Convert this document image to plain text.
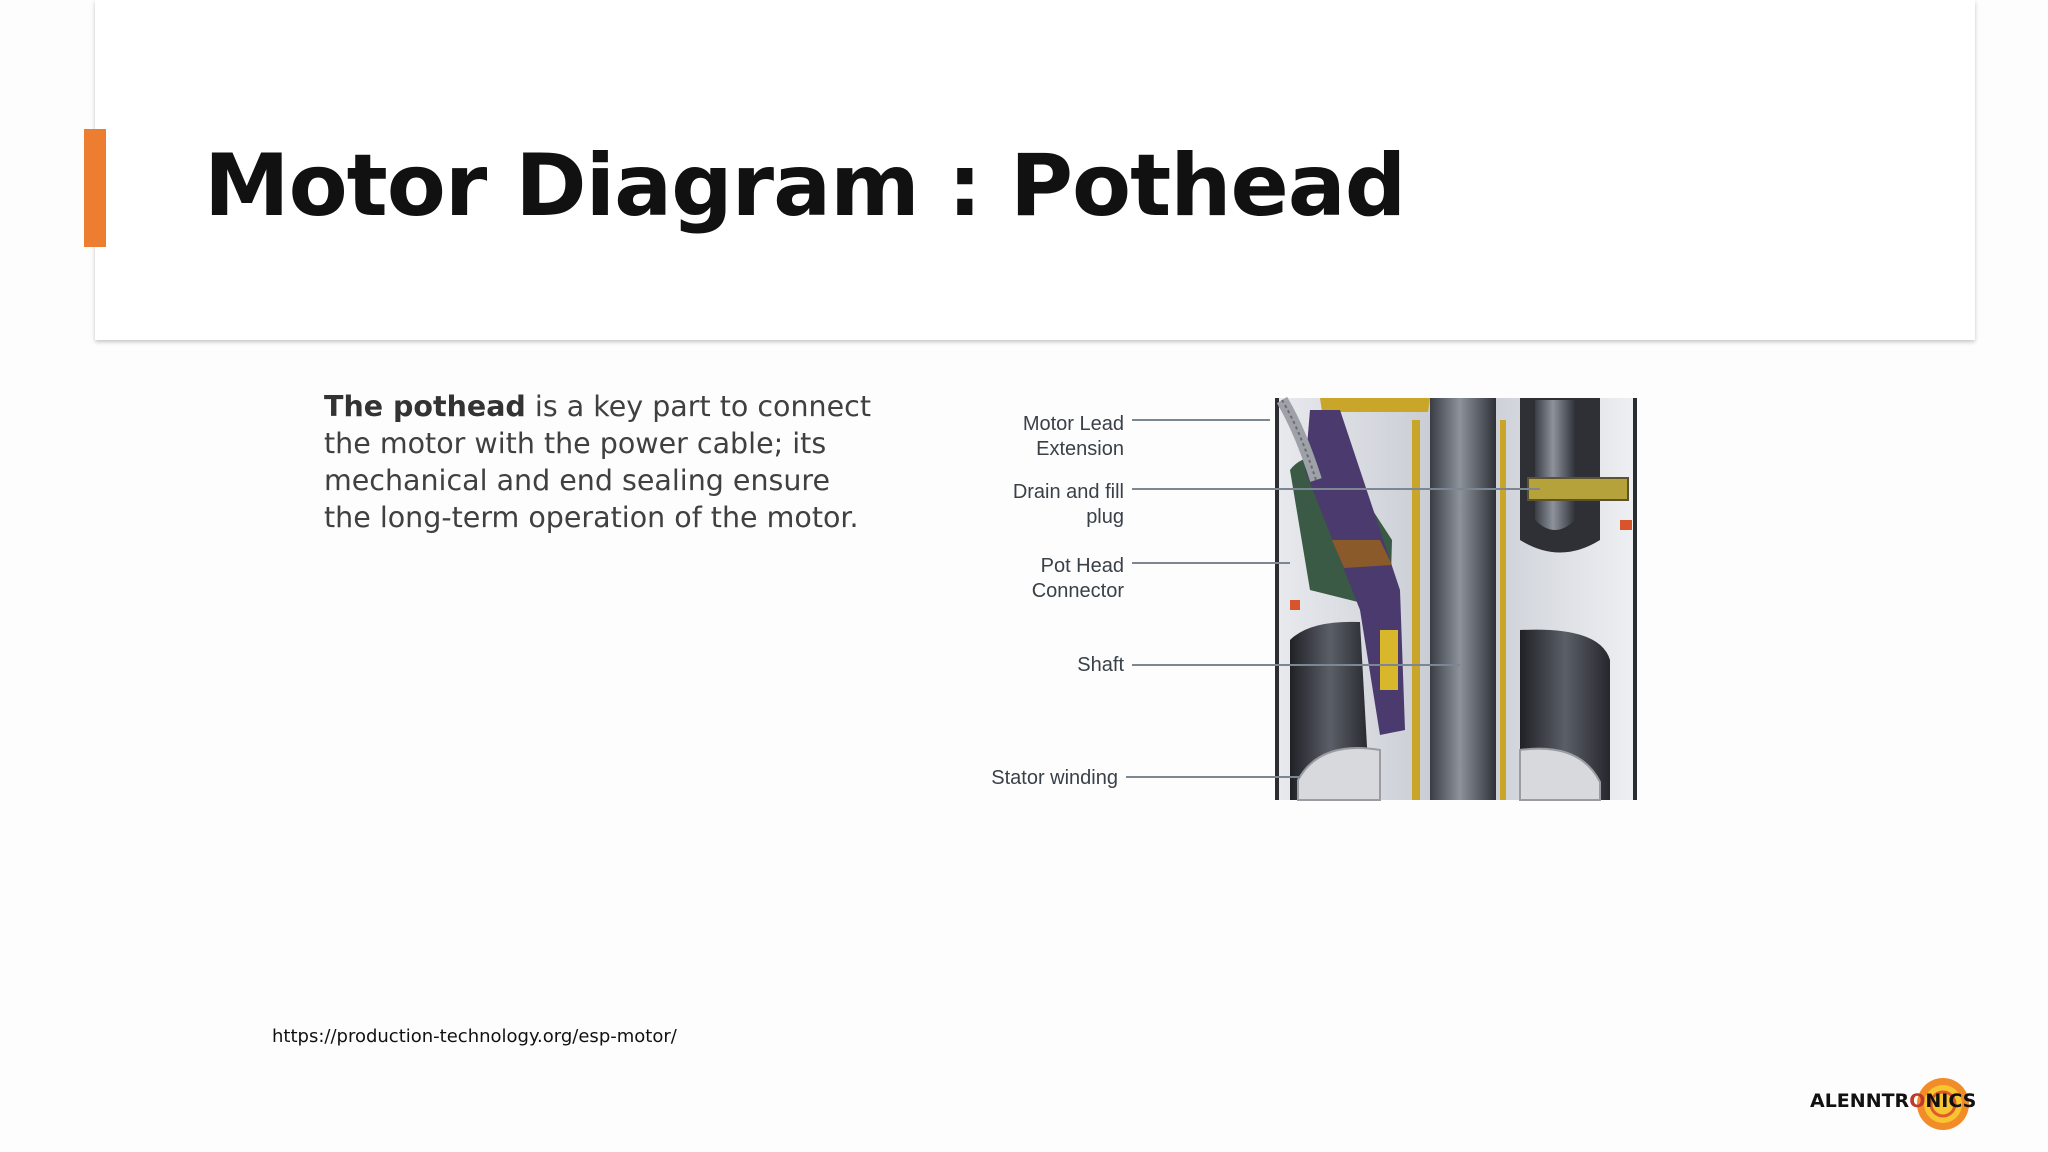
Motor Diagram : Pothead

The pothead is a key part to connect the motor with the power cable; its mechanical and end sealing ensure the long-term operation of the motor.

Motor Lead
Extension
Drain and fill
plug
Pot Head
Connector
Shaft
Stator winding

https://production-technology.org/esp-motor/

ALENNTRONICS
